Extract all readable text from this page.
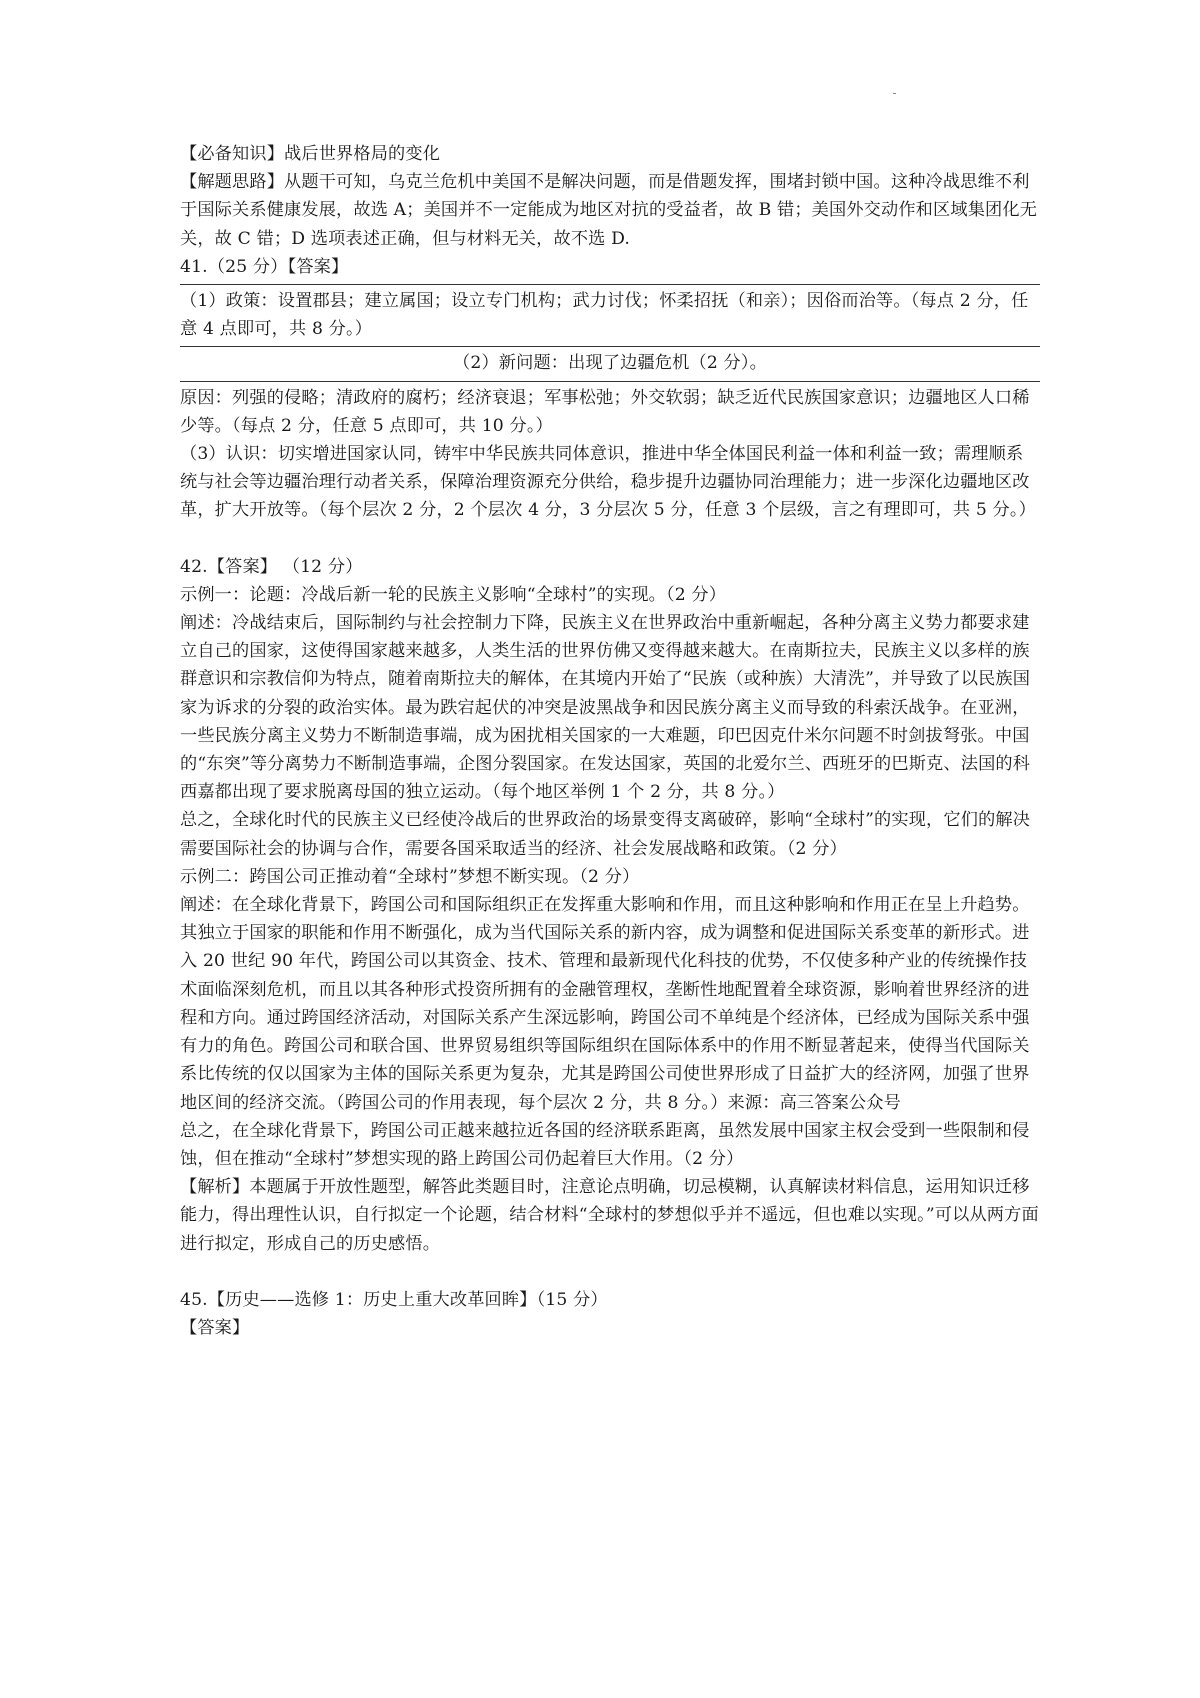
【必备知识】战后世界格局的变化

【解题思路】从题干可知，乌克兰危机中美国不是解决问题，而是借题发挥，围堵封锁中国。这种冷战思维不利于国际关系健康发展，故选 A；美国并不一定能成为地区对抗的受益者，故 B 错；美国外交动作和区域集团化无关，故 C 错；D 选项表述正确，但与材料无关，故不选 D.

41.（25 分）【答案】

（1）政策：设置郡县；建立属国；设立专门机构；武力讨伐；怀柔招抚（和亲）；因俗而治等。（每点 2 分，任意 4 点即可，共 8 分。）

（2）新问题：出现了边疆危机（2 分）。

原因：列强的侵略；清政府的腐朽；经济衰退；军事松弛；外交软弱；缺乏近代民族国家意识；边疆地区人口稀少等。（每点 2 分，任意 5 点即可，共 10 分。）

（3）认识：切实增进国家认同，铸牢中华民族共同体意识，推进中华全体国民利益一体和利益一致；需理顺系统与社会等边疆治理行动者关系，保障治理资源充分供给，稳步提升边疆协同治理能力；进一步深化边疆地区改革，扩大开放等。（每个层次 2 分，2 个层次 4 分，3 分层次 5 分，任意 3 个层级，言之有理即可，共 5 分。）

42.【答案】 （12 分）

示例一：论题：冷战后新一轮的民族主义影响“全球村”的实现。（2 分）

阐述：冷战结束后，国际制约与社会控制力下降，民族主义在世界政治中重新崛起，各种分离主义势力都要求建立自己的国家，这使得国家越来越多，人类生活的世界仿佛又变得越来越大。在南斯拉夫，民族主义以多样的族群意识和宗教信仰为特点，随着南斯拉夫的解体，在其境内开始了“民族（或种族）大清洗”，并导致了以民族国家为诉求的分裂的政治实体。最为跌宕起伏的冲突是波黑战争和因民族分离主义而导致的科索沃战争。在亚洲，一些民族分离主义势力不断制造事端，成为困扰相关国家的一大难题，印巴因克什米尔问题不时剑拔弩张。中国的“东突”等分离势力不断制造事端，企图分裂国家。在发达国家，英国的北爱尔兰、西班牙的巴斯克、法国的科西嘉都出现了要求脱离母国的独立运动。（每个地区举例 1 个 2 分，共 8 分。）

总之，全球化时代的民族主义已经使冷战后的世界政治的场景变得支离破碎，影响“全球村”的实现，它们的解决需要国际社会的协调与合作，需要各国采取适当的经济、社会发展战略和政策。（2 分）

示例二：跨国公司正推动着“全球村”梦想不断实现。（2 分）

阐述：在全球化背景下，跨国公司和国际组织正在发挥重大影响和作用，而且这种影响和作用正在呈上升趋势。其独立于国家的职能和作用不断强化，成为当代国际关系的新内容，成为调整和促进国际关系变革的新形式。进入 20 世纪 90 年代，跨国公司以其资金、技术、管理和最新现代化科技的优势，不仅使多种产业的传统操作技术面临深刻危机，而且以其各种形式投资所拥有的金融管理权，垄断性地配置着全球资源，影响着世界经济的进程和方向。通过跨国经济活动，对国际关系产生深远影响，跨国公司不单纯是个经济体，已经成为国际关系中强有力的角色。跨国公司和联合国、世界贸易组织等国际组织在国际体系中的作用不断显著起来，使得当代国际关系比传统的仅以国家为主体的国际关系更为复杂，尤其是跨国公司使世界形成了日益扩大的经济网，加强了世界地区间的经济交流。（跨国公司的作用表现，每个层次 2 分，共 8 分。）来源：高三答案公众号

总之，在全球化背景下，跨国公司正越来越拉近各国的经济联系距离，虽然发展中国家主权会受到一些限制和侵蚀，但在推动“全球村”梦想实现的路上跨国公司仍起着巨大作用。（2 分）

【解析】本题属于开放性题型，解答此类题目时，注意论点明确，切忌模糊，认真解读材料信息，运用知识迁移能力，得出理性认识，自行拟定一个论题，结合材料“全球村的梦想似乎并不遥远，但也难以实现。”可以从两方面进行拟定，形成自己的历史感悟。

45.【历史——选修 1：历史上重大改革回眸】（15 分）

【答案】
